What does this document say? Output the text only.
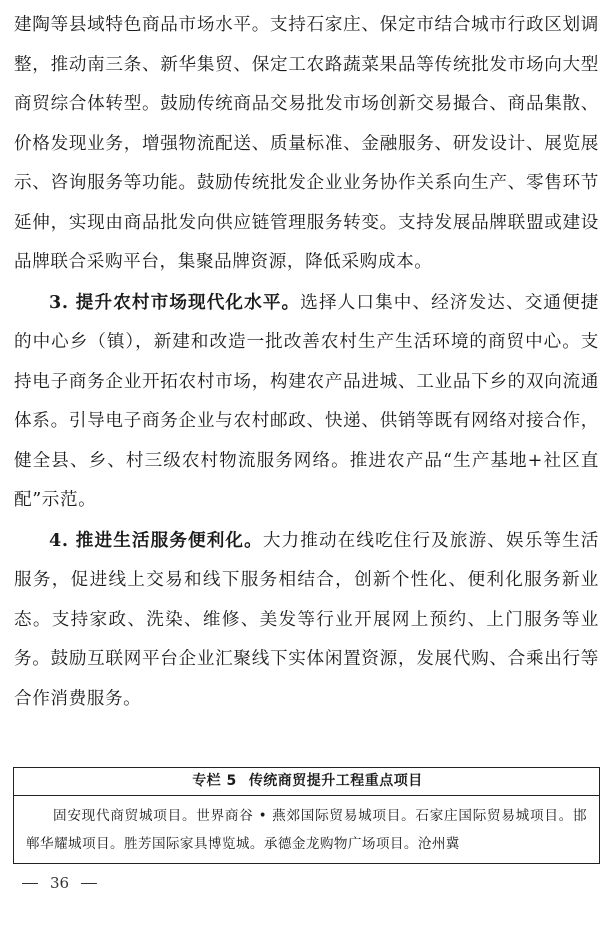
建陶等县域特色商品市场水平。支持石家庄、保定市结合城市行政区划调整，推动南三条、新华集贸、保定工农路蔬菜果品等传统批发市场向大型商贸综合体转型。鼓励传统商品交易批发市场创新交易撮合、商品集散、价格发现业务，增强物流配送、质量标准、金融服务、研发设计、展览展示、咨询服务等功能。鼓励传统批发企业业务协作关系向生产、零售环节延伸，实现由商品批发向供应链管理服务转变。支持发展品牌联盟或建设品牌联合采购平台，集聚品牌资源，降低采购成本。

3. 提升农村市场现代化水平。选择人口集中、经济发达、交通便捷的中心乡（镇），新建和改造一批改善农村生产生活环境的商贸中心。支持电子商务企业开拓农村市场，构建农产品进城、工业品下乡的双向流通体系。引导电子商务企业与农村邮政、快递、供销等既有网络对接合作，健全县、乡、村三级农村物流服务网络。推进农产品“生产基地+社区直配”示范。

4. 推进生活服务便利化。大力推动在线吃住行及旅游、娱乐等生活服务，促进线上交易和线下服务相结合，创新个性化、便利化服务新业态。支持家政、洗染、维修、美发等行业开展网上预约、上门服务等业务。鼓励互联网平台企业汇聚线下实体闲置资源，发展代购、合乘出行等合作消费服务。

专栏 5 传统商贸提升工程重点项目
固安现代商贸城项目。世界商谷 • 燕郊国际贸易城项目。石家庄国际贸易城项目。邯郸华耀城项目。胜芳国际家具博览城。承德金龙购物广场项目。沧州冀
36
